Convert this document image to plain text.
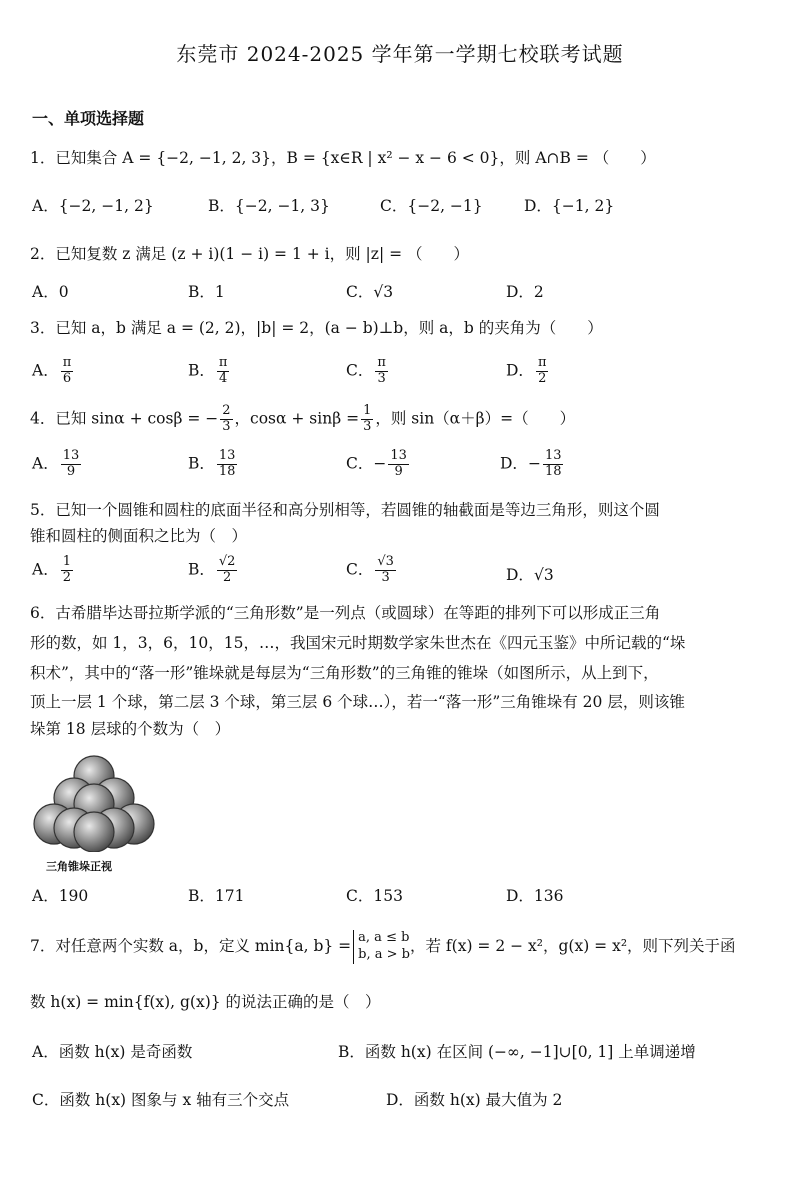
东莞市 2024-2025 学年第一学期七校联考试题
一、单项选择题
1．已知集合 A = {−2, −1, 2, 3}，B = {x∈R | x² − x − 6 < 0}，则 A∩B = （　　）
A．{−2, −1, 2}	B．{−2, −1, 3}	C．{−2, −1}	D．{−1, 2}
2．已知复数 z 满足 (z + i)(1 − i) = 1 + i，则 |z| = （　　）
A．0	B．1	C．√3	D．2
3．已知 a，b 满足 a = (2, 2)，|b| = 2，(a − b)⊥b，则 a，b 的夹角为（　　）
A． $\frac{\pi}{6}$	B． $\frac{\pi}{4}$	C． $\frac{\pi}{3}$	D． $\frac{\pi}{2}$
4．已知 sinα + cosβ = − $\frac{2}{3}$ ，$\cos\alpha + \sin\beta = \frac{1}{3}$ ，则 sin（α＋β）=（　　）
A． $\frac{13}{9}$	B． $\frac{13}{18}$	C．− $\frac{13}{9}$	D．− $\frac{13}{18}$
5．已知一个圆锥和圆柱的底面半径和高分别相等，若圆锥的轴截面是等边三角形，则这个圆
锥和圆柱的侧面积之比为（　）
A． $\frac{1}{2}$	B． $\frac{√2}{2}$	C． $\frac{√3}{3}$	D．√3
6．古希腊毕达哥拉斯学派的“三角形数”是一列点（或圆球）在等距的排列下可以形成正三角
形的数，如 1，3，6，10，15，…，我国宋元时期数学家朱世杰在《四元玉鉴》中所记载的“垛
积术”，其中的“落一形”锥垛就是每层为“三角形数”的三角锥的锥垛（如图所示，从上到下，
顶上一层 1 个球，第二层 3 个球，第三层 6 个球…），若一“落一形”三角锥垛有 20 层，则该锥
垛第 18 层球的个数为（　）
三角锥垛正视
A．190	B．171	C．153	D．136
7．对任意两个实数 a，b，定义 min{a, b} = a, a ≤ b
b, a > b ，若 f(x) = 2 − x²，g(x) = x²，则下列关于函
数 h(x) = min{f(x), g(x)} 的说法正确的是（　）
A．函数 h(x) 是奇函数	B．函数 h(x) 在区间 (−∞, −1]∪[0, 1] 上单调递增
C．函数 h(x) 图象与 x 轴有三个交点	D．函数 h(x) 最大值为 2
